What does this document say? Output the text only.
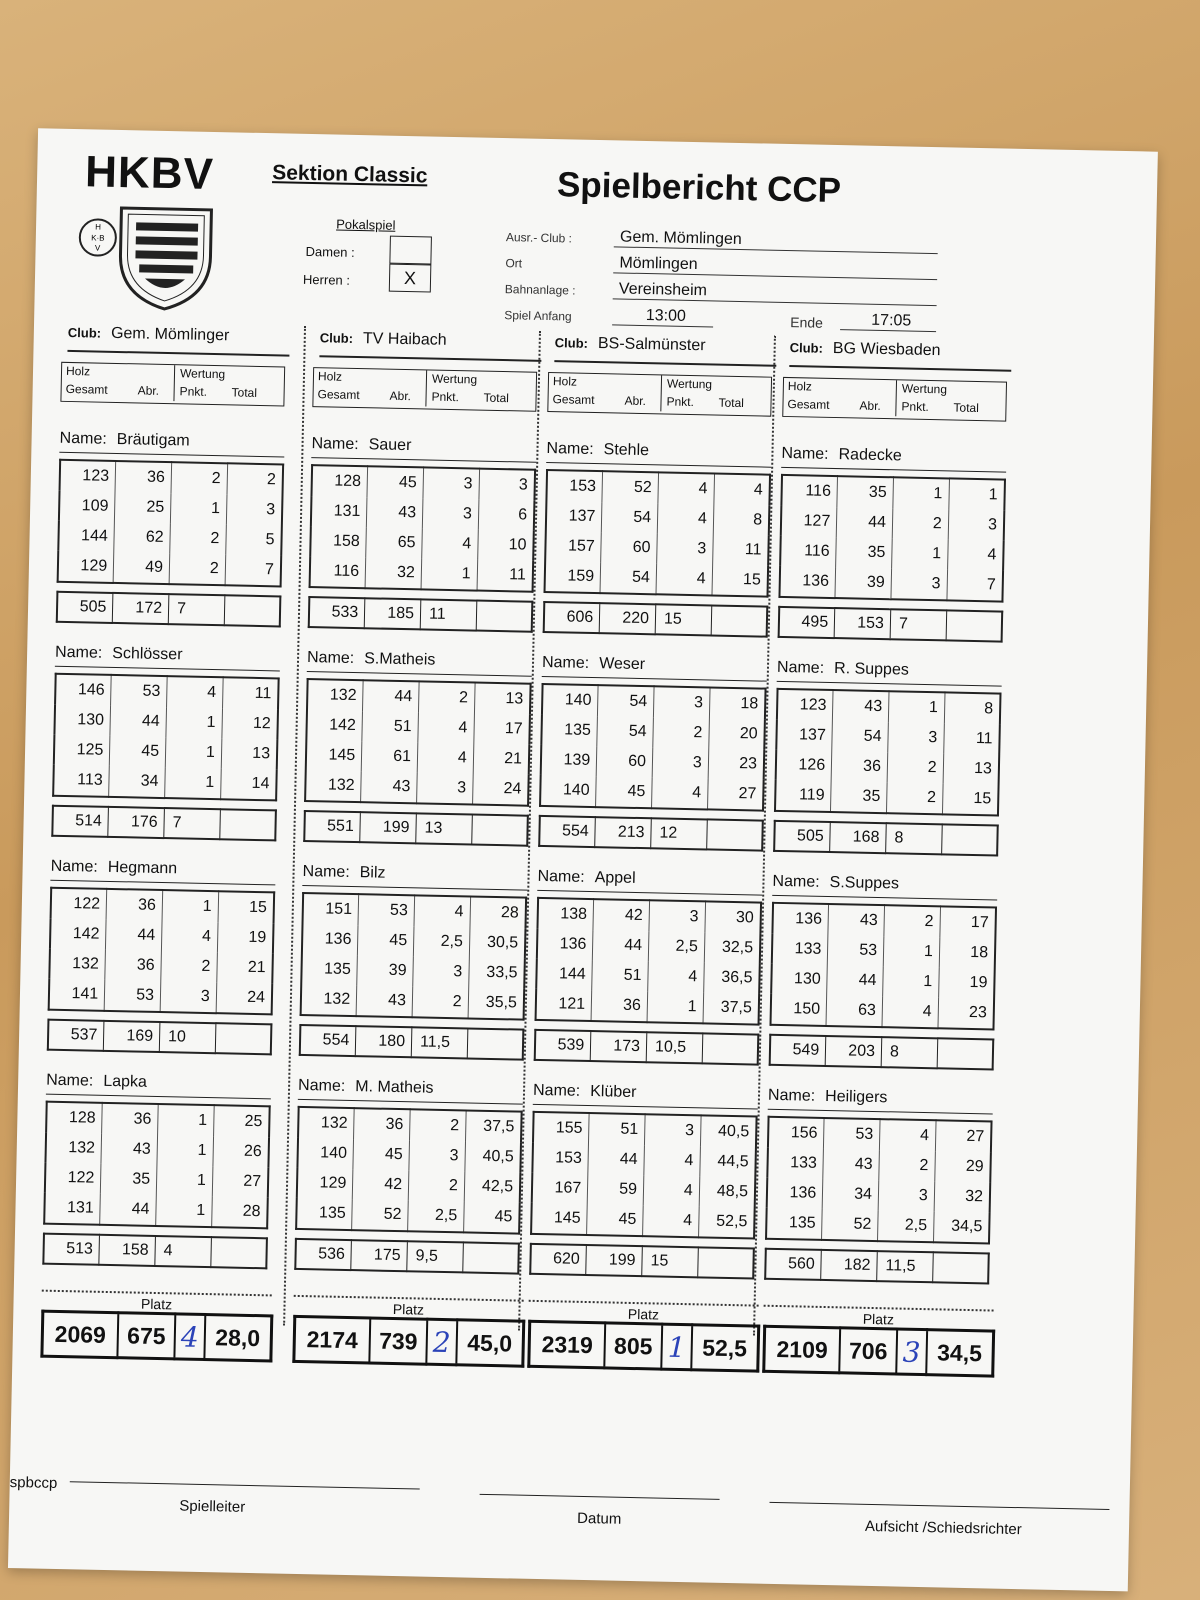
HKBV	Sektion Classic	Spielbericht CCP
H
K·B
V
Pokalspiel
Damen :
Herren :	X
Ausr.- Club :	Gem. Mömlingen
Ort	Mömlingen
Bahnanlage :	Vereinsheim
Spiel Anfang	13:00	Ende	17:05
Club: Gem. Mömlinger
Holz
Gesamt Abr.
Wertung
Pnkt. Total
Name: Bräutigam
123	36	2	2
109	25	1	3
144	62	2	5
129	49	2	7
505	172	7	
Name: Schlösser
146	53	4	11
130	44	1	12
125	45	1	13
113	34	1	14
514	176	7	
Name: Hegmann
122	36	1	15
142	44	4	19
132	36	2	21
141	53	3	24
537	169	10	
Name: Lapka
128	36	1	25
132	43	1	26
122	35	1	27
131	44	1	28
513	158	4	
Platz
2069	675	4	28,0
Club: TV Haibach
Holz
Gesamt Abr.
Wertung
Pnkt. Total
Name: Sauer
128	45	3	3
131	43	3	6
158	65	4	10
116	32	1	11
533	185	11	
Name: S.Matheis
132	44	2	13
142	51	4	17
145	61	4	21
132	43	3	24
551	199	13	
Name: Bilz
151	53	4	28
136	45	2,5	30,5
135	39	3	33,5
132	43	2	35,5
554	180	11,5	
Name: M. Matheis
132	36	2	37,5
140	45	3	40,5
129	42	2	42,5
135	52	2,5	45
536	175	9,5	
Platz
2174	739	2	45,0
Club: BS-Salmünster
Holz
Gesamt Abr.
Wertung
Pnkt. Total
Name: Stehle
153	52	4	4
137	54	4	8
157	60	3	11
159	54	4	15
606	220	15	
Name: Weser
140	54	3	18
135	54	2	20
139	60	3	23
140	45	4	27
554	213	12	
Name: Appel
138	42	3	30
136	44	2,5	32,5
144	51	4	36,5
121	36	1	37,5
539	173	10,5	
Name: Klüber
155	51	3	40,5
153	44	4	44,5
167	59	4	48,5
145	45	4	52,5
620	199	15	
Platz
2319	805	1	52,5
Club: BG Wiesbaden
Holz
Gesamt Abr.
Wertung
Pnkt. Total
Name: Radecke
116	35	1	1
127	44	2	3
116	35	1	4
136	39	3	7
495	153	7	
Name: R. Suppes
123	43	1	8
137	54	3	11
126	36	2	13
119	35	2	15
505	168	8	
Name: S.Suppes
136	43	2	17
133	53	1	18
130	44	1	19
150	63	4	23
549	203	8	
Name: Heiligers
156	53	4	27
133	43	2	29
136	34	3	32
135	52	2,5	34,5
560	182	11,5	
Platz
2109	706	3	34,5
spbccp
Spielleiter
Datum	Aufsicht /Schiedsrichter
